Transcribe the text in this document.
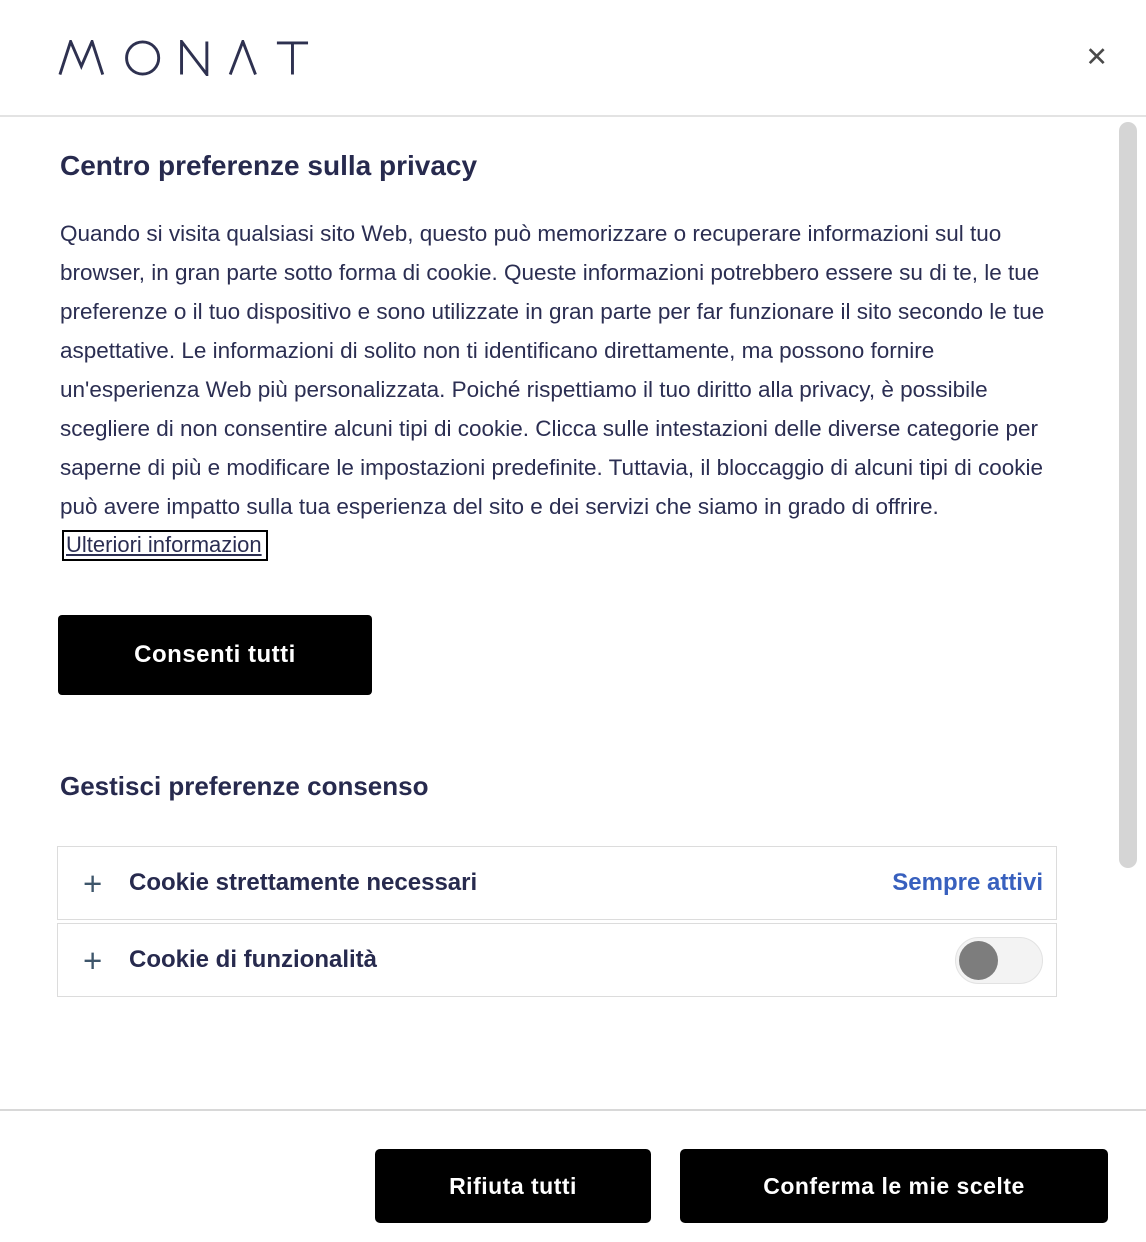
✕
Centro preferenze sulla privacy

Quando si visita qualsiasi sito Web, questo può memorizzare o recuperare informazioni sul tuo browser, in gran parte sotto forma di cookie. Queste informazioni potrebbero essere su di te, le tue preferenze o il tuo dispositivo e sono utilizzate in gran parte per far funzionare il sito secondo le tue aspettative. Le informazioni di solito non ti identificano direttamente, ma possono fornire un'esperienza Web più personalizzata. Poiché rispettiamo il tuo diritto alla privacy, è possibile scegliere di non consentire alcuni tipi di cookie. Clicca sulle intestazioni delle diverse categorie per saperne di più e modificare le impostazioni predefinite. Tuttavia, il bloccaggio di alcuni tipi di cookie può avere impatto sulla tua esperienza del sito e dei servizi che siamo in grado di offrire.

Ulteriori informazion
Consenti tutti
Gestisci preferenze consenso
+	Cookie strettamente necessari	Sempre attivi
+	Cookie di funzionalità
Rifiuta tutti	Conferma le mie scelte
